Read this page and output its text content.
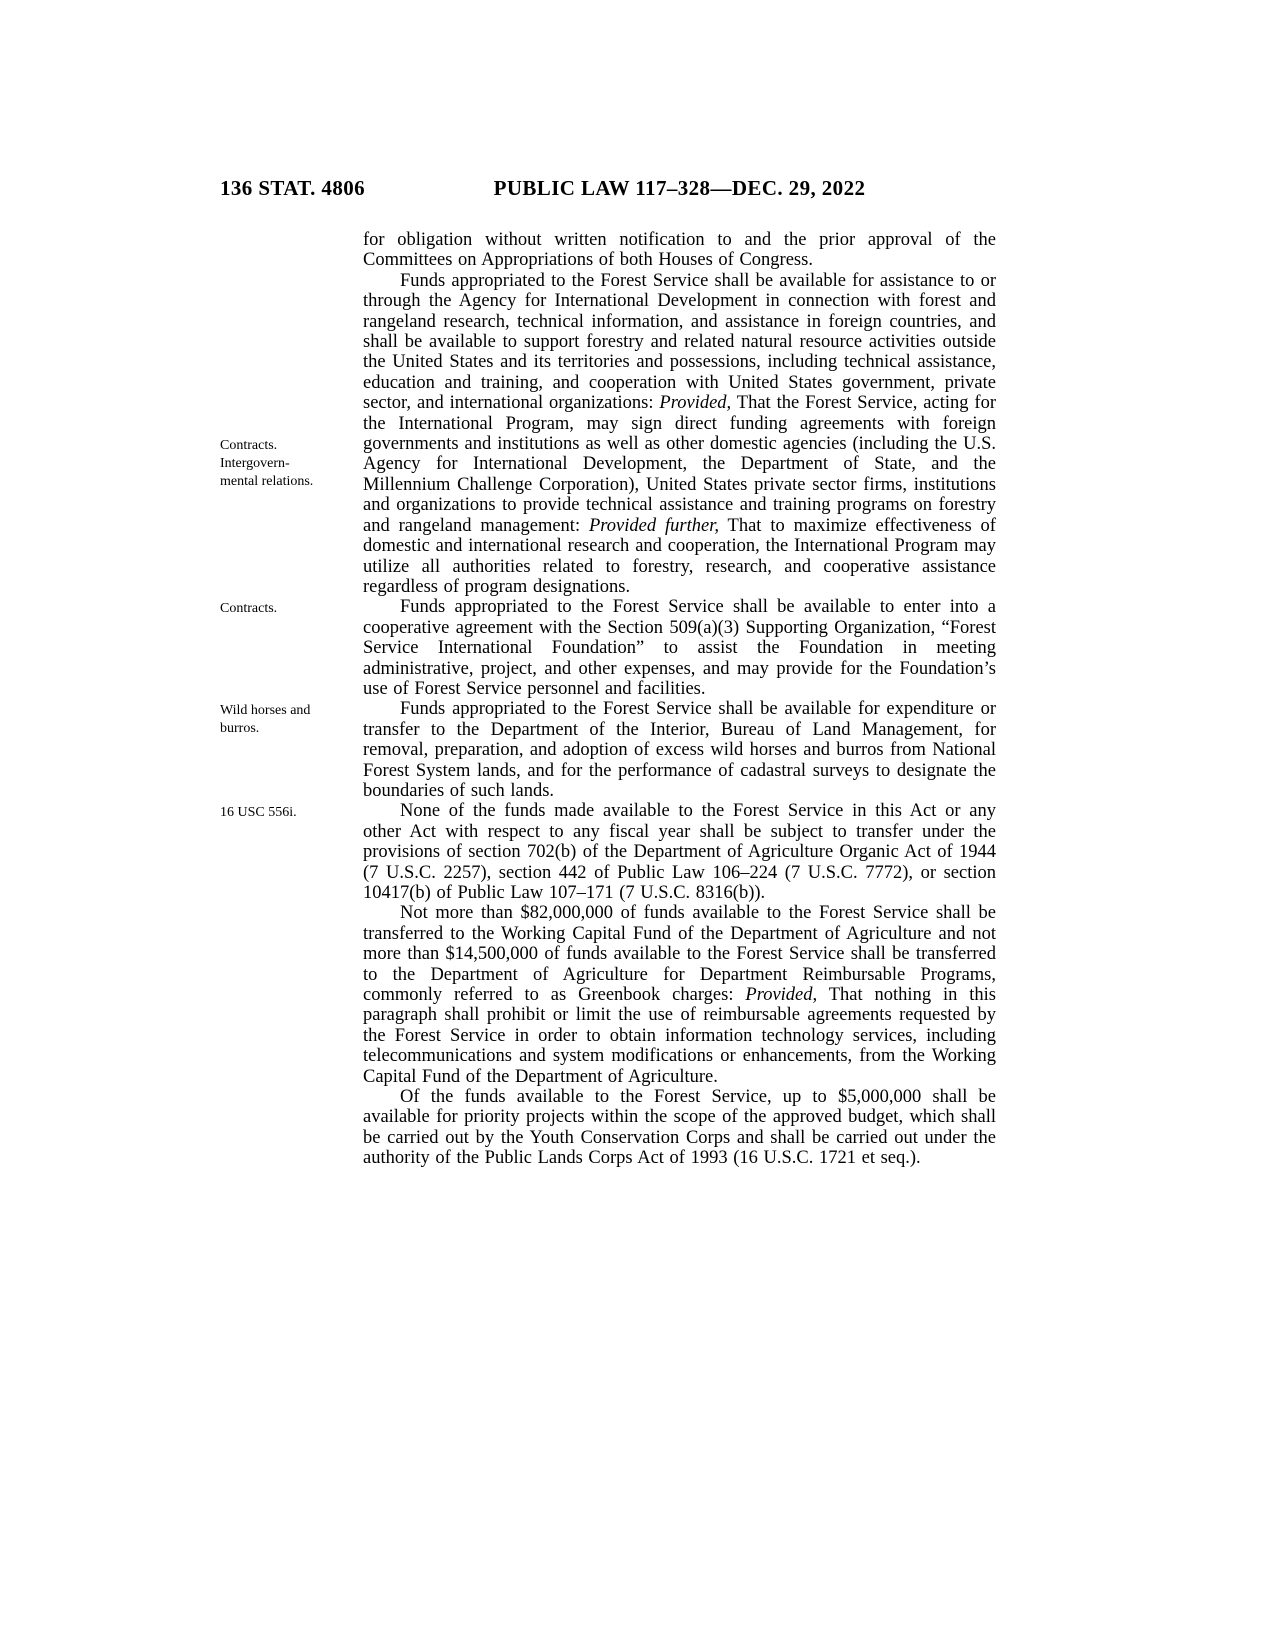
136 STAT. 4806	PUBLIC LAW 117–328—DEC. 29, 2022

for obligation without written notification to and the prior approval of the Committees on Appropriations of both Houses of Congress.

Contracts.
Intergovern-
mental relations.
Funds appropriated to the Forest Service shall be available for assistance to or through the Agency for International Development in connection with forest and rangeland research, technical information, and assistance in foreign countries, and shall be available to support forestry and related natural resource activities outside the United States and its territories and possessions, including technical assistance, education and training, and cooperation with United States government, private sector, and international organizations: Provided, That the Forest Service, acting for the International Program, may sign direct funding agreements with foreign governments and institutions as well as other domestic agencies (including the U.S. Agency for International Development, the Department of State, and the Millennium Challenge Corporation), United States private sector firms, institutions and organizations to provide technical assistance and training programs on forestry and rangeland management: Provided further, That to maximize effectiveness of domestic and international research and cooperation, the International Program may utilize all authorities related to forestry, research, and cooperative assistance regardless of program designations.

Contracts.	Funds appropriated to the Forest Service shall be available to enter into a cooperative agreement with the Section 509(a)(3) Supporting Organization, “Forest Service International Foundation” to assist the Foundation in meeting administrative, project, and other expenses, and may provide for the Foundation’s use of Forest Service personnel and facilities.

Wild horses and
burros.
Funds appropriated to the Forest Service shall be available for expenditure or transfer to the Department of the Interior, Bureau of Land Management, for removal, preparation, and adoption of excess wild horses and burros from National Forest System lands, and for the performance of cadastral surveys to designate the boundaries of such lands.

16 USC 556i.	None of the funds made available to the Forest Service in this Act or any other Act with respect to any fiscal year shall be subject to transfer under the provisions of section 702(b) of the Department of Agriculture Organic Act of 1944 (7 U.S.C. 2257), section 442 of Public Law 106–224 (7 U.S.C. 7772), or section 10417(b) of Public Law 107–171 (7 U.S.C. 8316(b)).

Not more than $82,000,000 of funds available to the Forest Service shall be transferred to the Working Capital Fund of the Department of Agriculture and not more than $14,500,000 of funds available to the Forest Service shall be transferred to the Department of Agriculture for Department Reimbursable Programs, commonly referred to as Greenbook charges: Provided, That nothing in this paragraph shall prohibit or limit the use of reimbursable agreements requested by the Forest Service in order to obtain information technology services, including telecommunications and system modifications or enhancements, from the Working Capital Fund of the Department of Agriculture.

Of the funds available to the Forest Service, up to $5,000,000 shall be available for priority projects within the scope of the approved budget, which shall be carried out by the Youth Conservation Corps and shall be carried out under the authority of the Public Lands Corps Act of 1993 (16 U.S.C. 1721 et seq.).
